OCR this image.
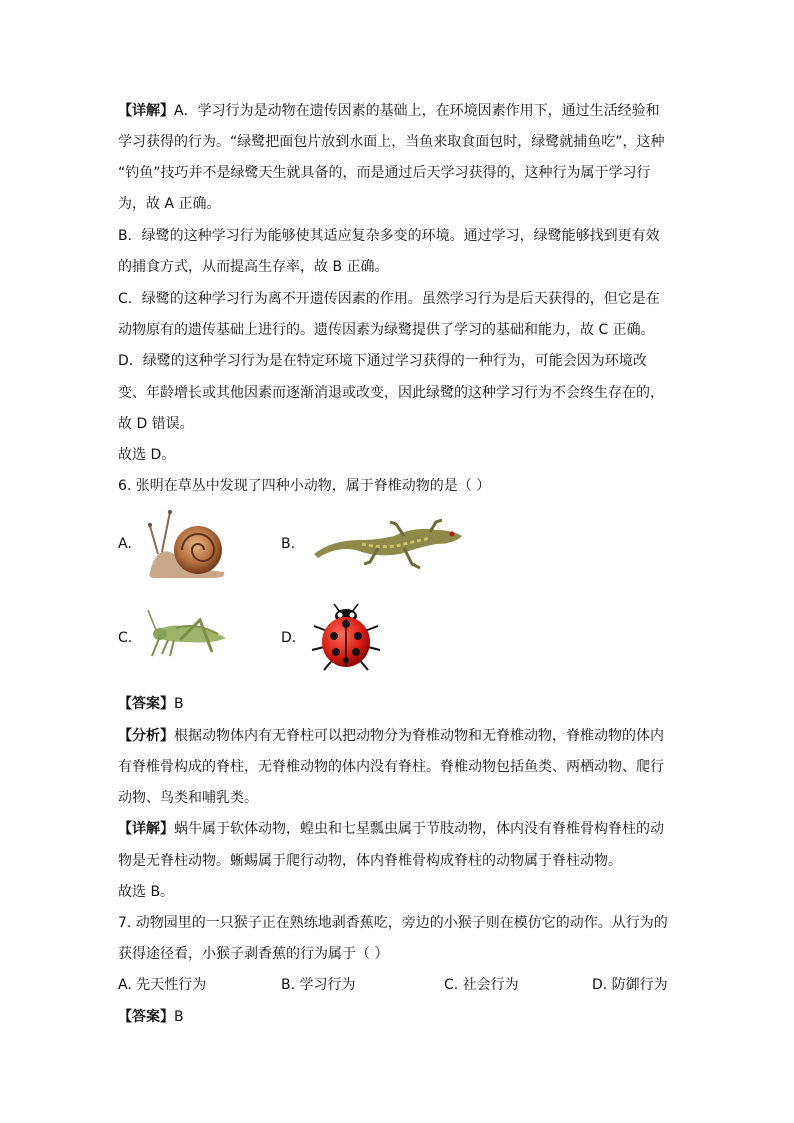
【详解】A．学习行为是动物在遗传因素的基础上，在环境因素作用下，通过生活经验和
学习获得的行为。“绿鹭把面包片放到水面上，当鱼来取食面包时，绿鹭就捕鱼吃”，这种
“钓鱼”技巧并不是绿鹭天生就具备的，而是通过后天学习获得的，这种行为属于学习行
为，故 A 正确。
B．绿鹭的这种学习行为能够使其适应复杂多变的环境。通过学习，绿鹭能够找到更有效
的捕食方式，从而提高生存率，故 B 正确。
C．绿鹭的这种学习行为离不开遗传因素的作用。虽然学习行为是后天获得的，但它是在
动物原有的遗传基础上进行的。遗传因素为绿鹭提供了学习的基础和能力，故 C 正确。
D．绿鹭的这种学习行为是在特定环境下通过学习获得的一种行为，可能会因为环境改
变、年龄增长或其他因素而逐渐消退或改变，因此绿鹭的这种学习行为不会终生存在的，
故 D 错误。
故选 D。
6. 张明在草丛中发现了四种小动物，属于脊椎动物的是（ ）
A.	B.
C.	D.
【答案】B
【分析】根据动物体内有无脊柱可以把动物分为脊椎动物和无脊椎动物，脊椎动物的体内
有脊椎骨构成的脊柱，无脊椎动物的体内没有脊柱。脊椎动物包括鱼类、两栖动物、爬行
动物、鸟类和哺乳类。
【详解】蜗牛属于软体动物，蝗虫和七星瓢虫属于节肢动物，体内没有脊椎骨构脊柱的动
物是无脊柱动物。蜥蜴属于爬行动物，体内脊椎骨构成脊柱的动物属于脊柱动物。
故选 B。
7. 动物园里的一只猴子正在熟练地剥香蕉吃，旁边的小猴子则在模仿它的动作。从行为的
获得途径看，小猴子剥香蕉的行为属于（ ）
A. 先天性行为	B. 学习行为	C. 社会行为	D. 防御行为
【答案】B
